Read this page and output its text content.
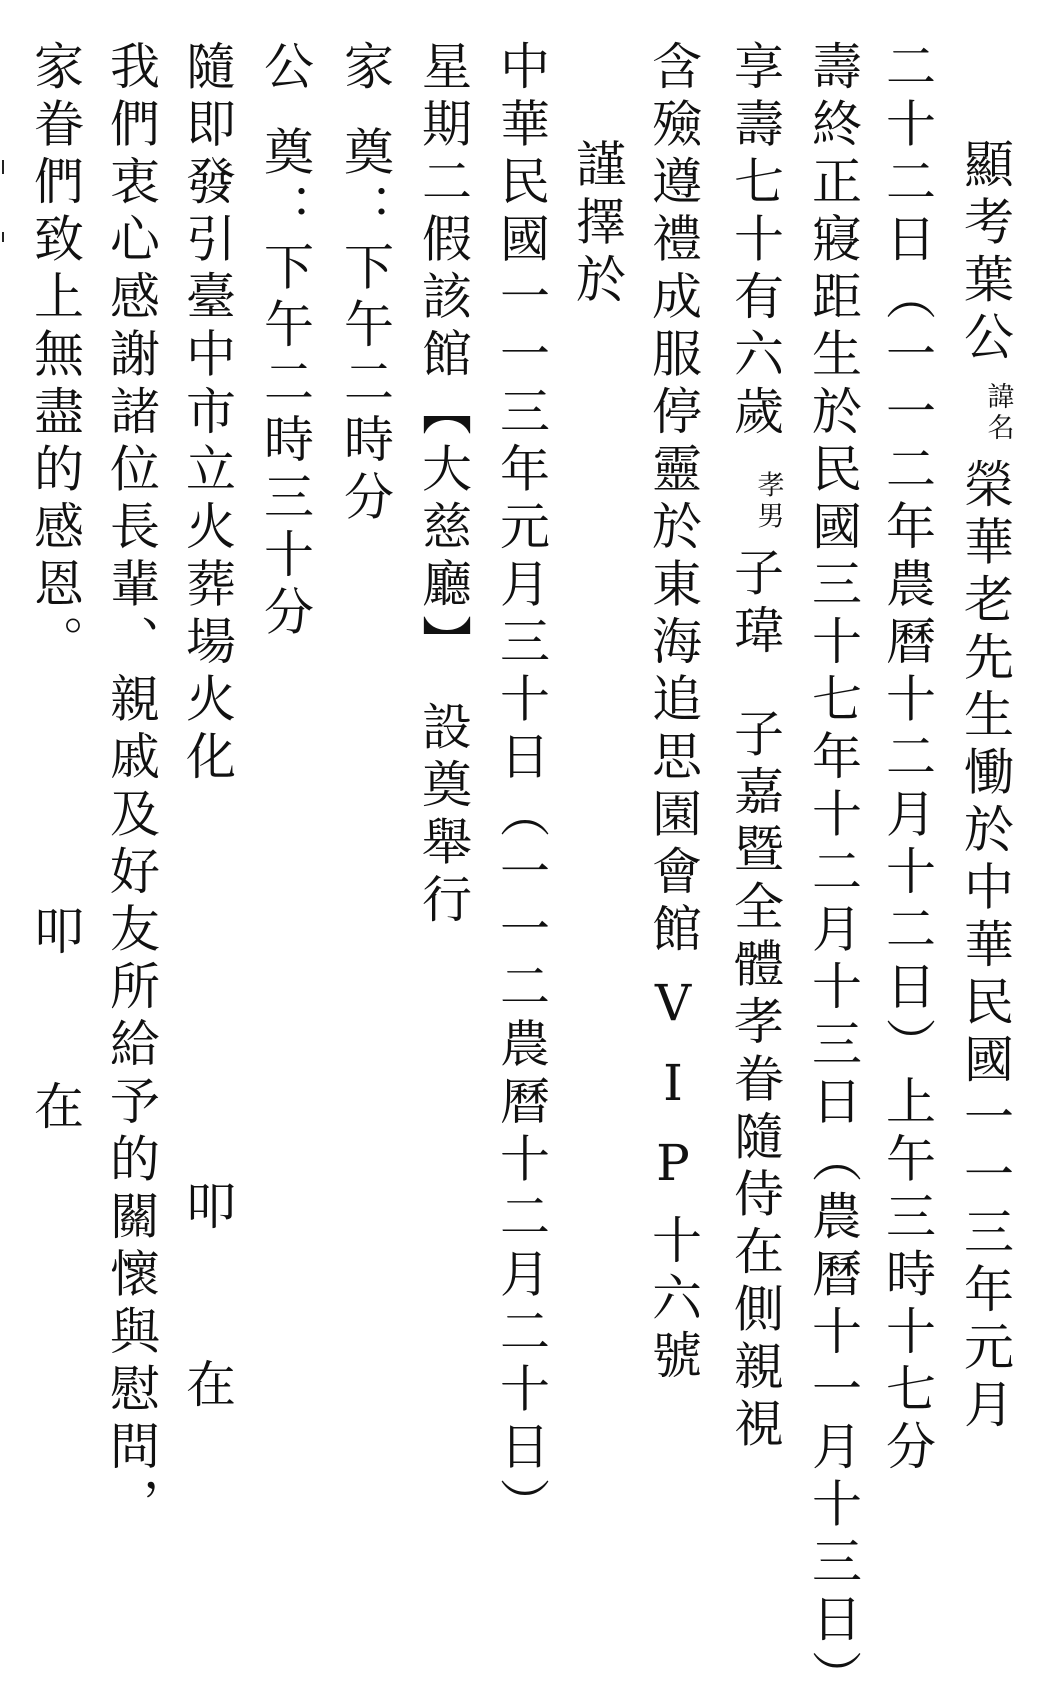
顯考葉公諱名榮華老先生慟於中華民國一一三年元月
二十二日（一一二年農曆十二月十二日）上午三時十七分
壽終正寢距生於民國三十七年十二月十三日（農曆十一月十三日）
享壽七十有六歲孝男子瑋子嘉暨全體孝眷隨侍在側親視
含殮遵禮成服停靈於東海追思園會館VIP十六號
謹擇於
中華民國一一三年元月三十日（一一二農曆十二月二十日）
星期二假該館【大慈廳】設奠舉行
家奠：下午二時分
公奠：下午二時三十分
隨即發引臺中市立火葬場火化
叩
在
我們衷心感謝諸位長輩、親戚及好友所給予的關懷與慰問，
家眷們致上無盡的感恩。
叩
在
